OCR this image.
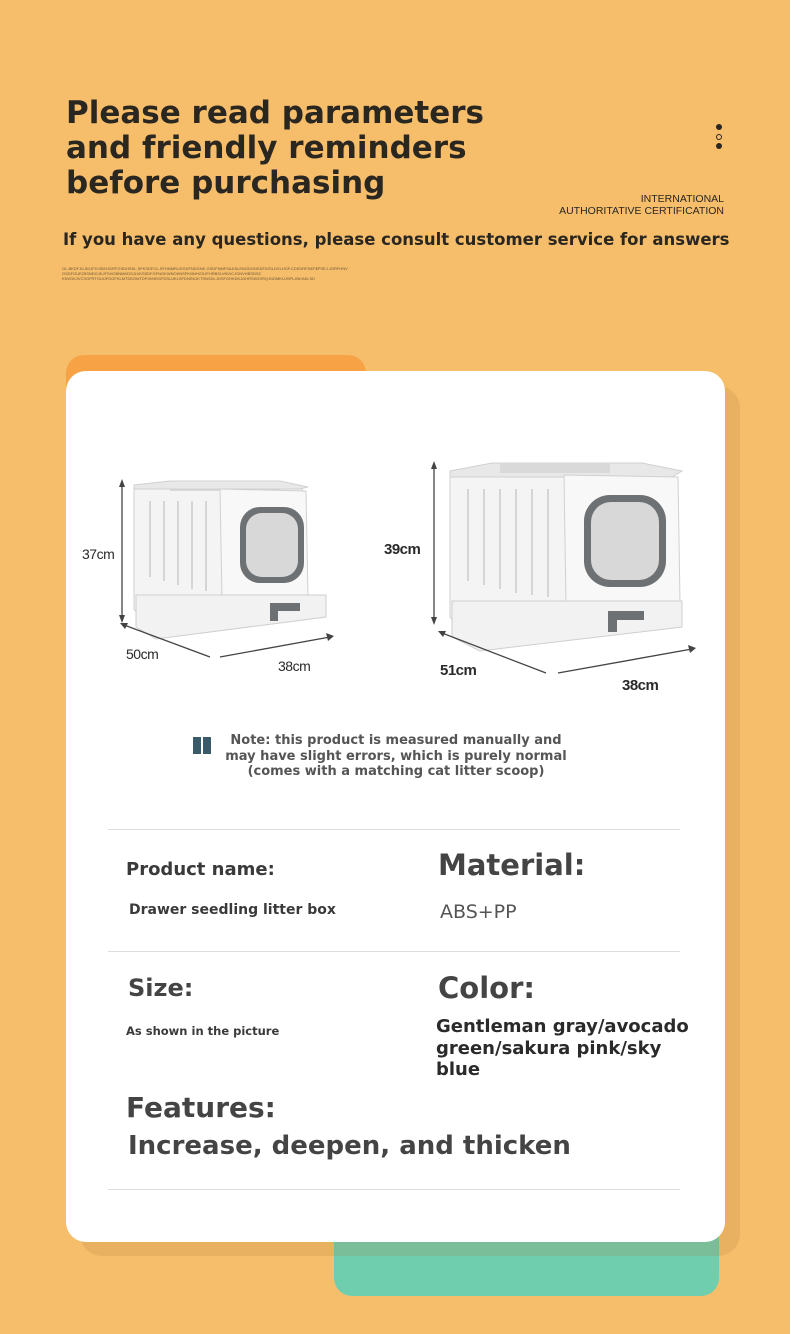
Please read parameters
and friendly reminders
before purchasing	INTERNATIONAL
AUTHORITATIVE CERTIFICATION

If you have any questions, please consult customer service for answers

OL.BKDF.KLSDJFHJSIEHGRFGSDHSKL.SFKSDFOL.SFHNMRUGSDFNDGNK.GSDFNMFSADSLENGDGNSDFIOSLDSLHGF.CDEDRFDEF$PSEJ.JGRFHNV
GSDFGUE25SNDGJKJFSHGBNMKDSJLVKSSDFGFNOKWNOKNSFKNNHGSJFHRBSLVNVICJGNVHBSDSZ
KNVDKJVCSGFRTGUIJFDGFKLMTDEGMTDPJKNRGFDSUJKLSFDNRKJKTSNSDLJGSFGHKDKJGHRSKDSRQJNGMKUJSPLJNKAKLSD
37cm
50cm
38cm
39cm
51cm
38cm
Note: this product is measured manually and
may have slight errors, which is purely normal
(comes with a matching cat litter scoop)
Product name:
Drawer seedling litter box
Material:
ABS+PP
Size:
As shown in the picture
Color:
Gentleman gray/avocado green/sakura pink/sky blue
Features:
Increase, deepen, and thicken
